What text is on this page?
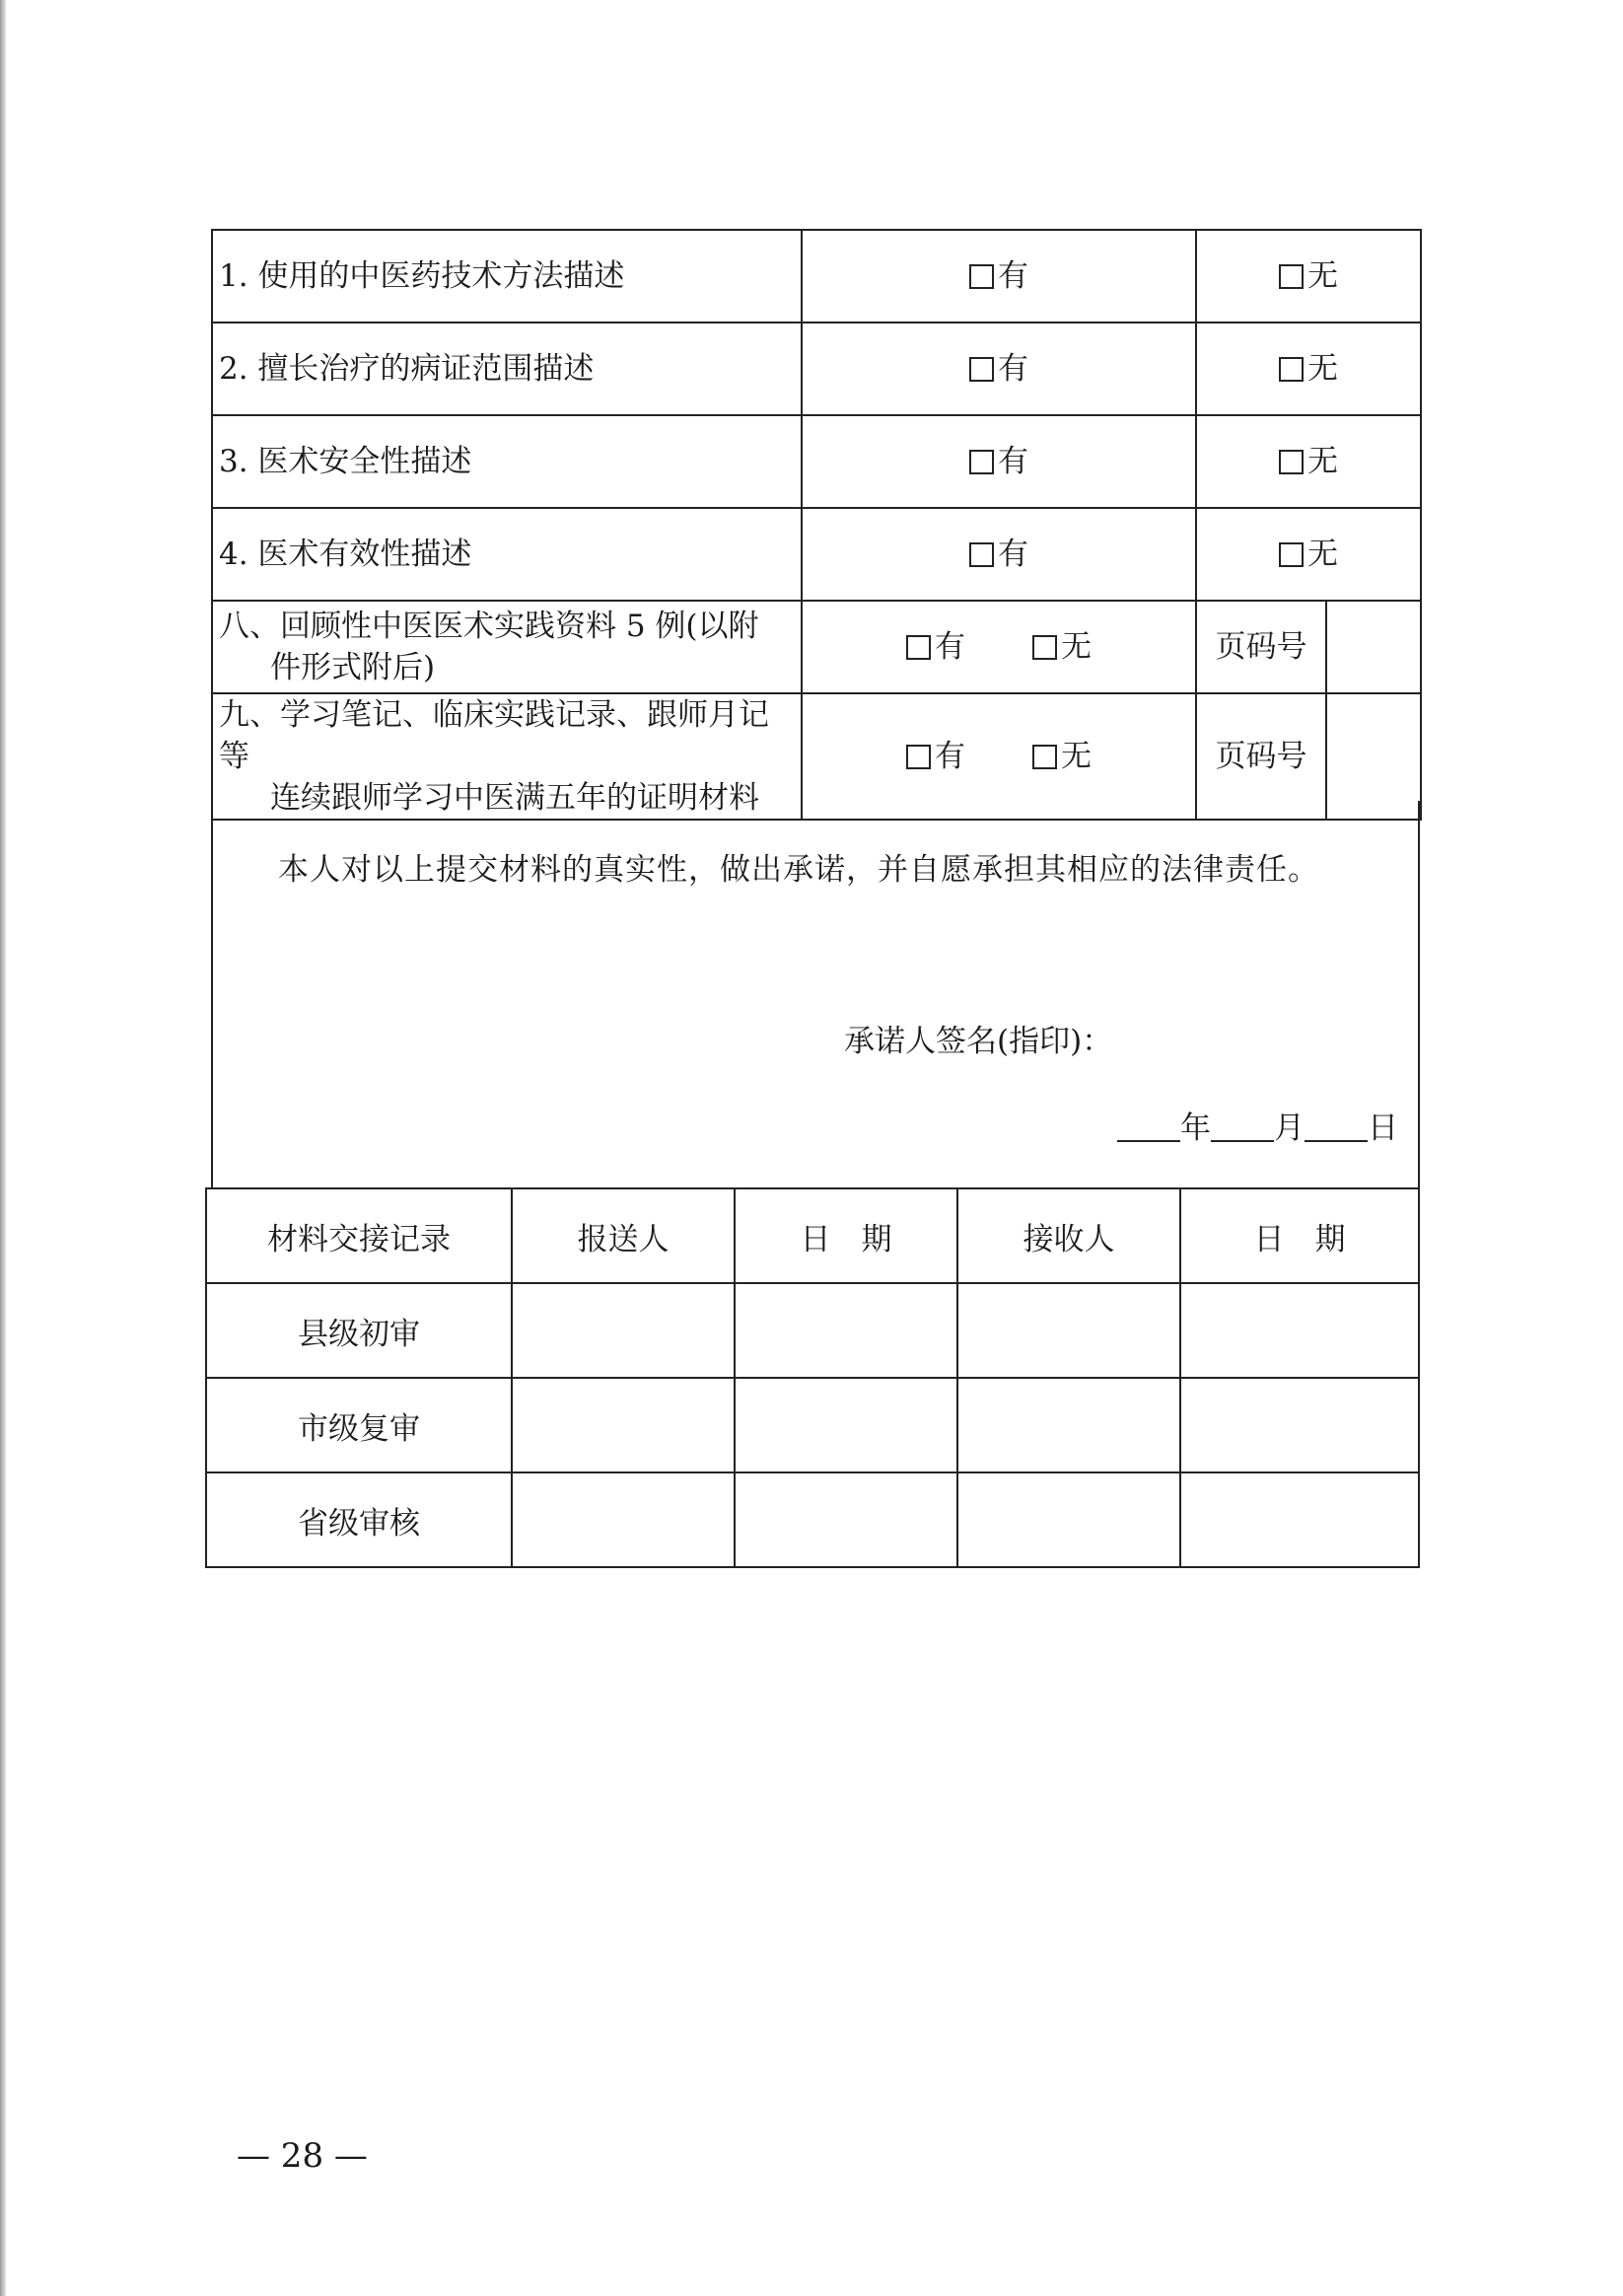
1. 使用的中医药技术方法描述	有	无	
2. 擅长治疗的病证范围描述	有	无	
3. 医术安全性描述	有	无	
4. 医术有效性描述	有	无	
八、回顾性中医医术实践资料 5 例(以附
件形式附后)	有 无	页码号	
九、学习笔记、临床实践记录、跟师月记等
连续跟师学习中医满五年的证明材料	有 无	页码号	
本人对以上提交材料的真实性，做出承诺，并自愿承担其相应的法律责任。
承诺人签名(指印)：
年 月 日
材料交接记录	报送人	日　期	接收人	日　期
县级初审				
市级复审				
省级审核				
— 28 —
